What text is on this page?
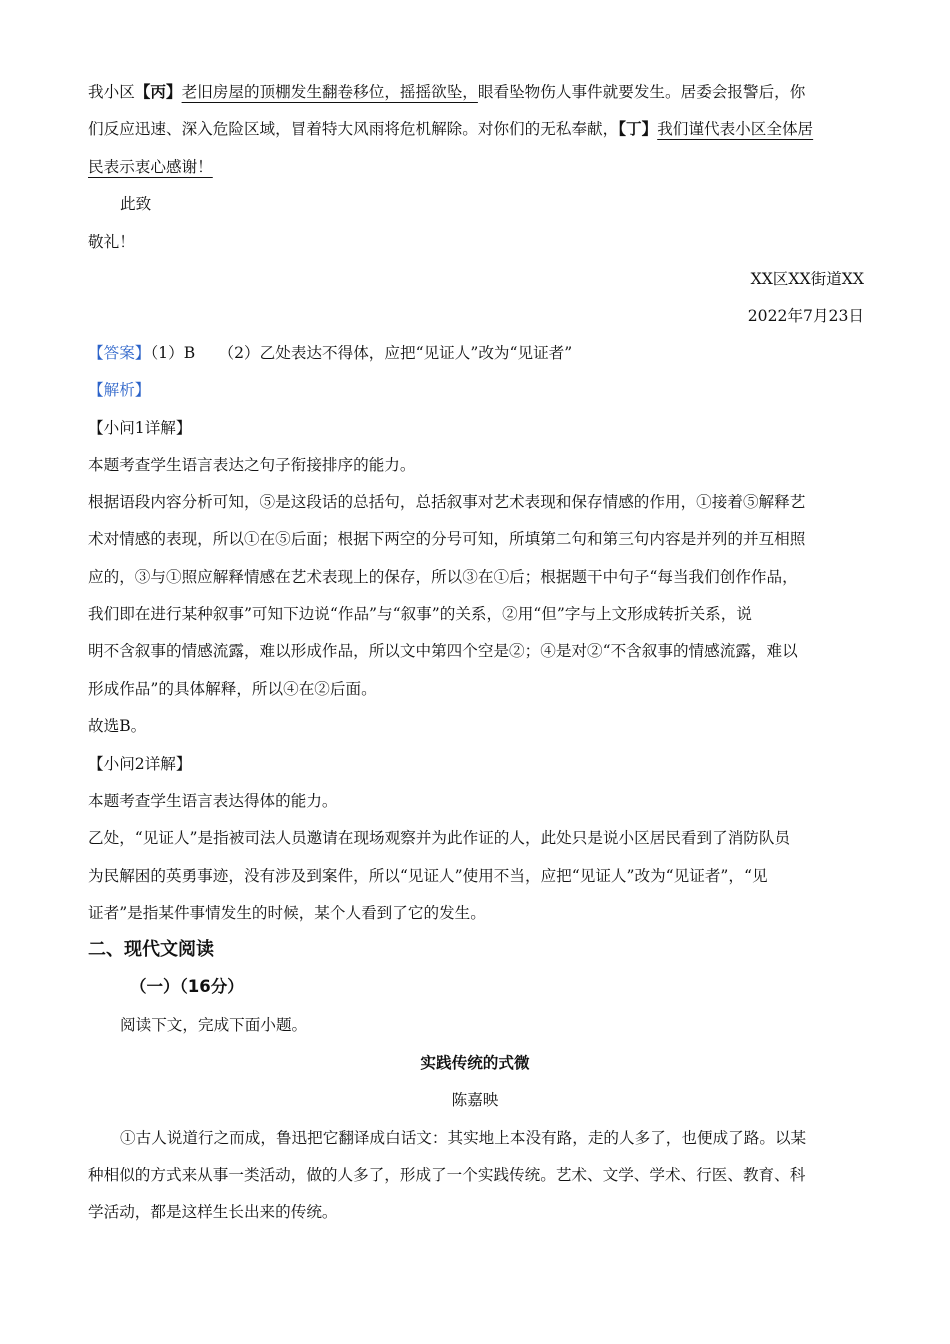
我小区【丙】老旧房屋的顶棚发生翻卷移位，摇摇欲坠，眼看坠物伤人事件就要发生。居委会报警后，你
们反应迅速、深入危险区域，冒着特大风雨将危机解除。对你们的无私奉献，【丁】我们谨代表小区全体居
民表示衷心感谢！
此致
敬礼！
XX区XX街道XX
2022年7月23日
【答案】（1）B　　（2）乙处表达不得体，应把“见证人”改为“见证者”
【解析】
【小问1详解】
本题考查学生语言表达之句子衔接排序的能力。
根据语段内容分析可知，⑤是这段话的总括句，总括叙事对艺术表现和保存情感的作用，①接着⑤解释艺
术对情感的表现，所以①在⑤后面；根据下两空的分号可知，所填第二句和第三句内容是并列的并互相照
应的，③与①照应解释情感在艺术表现上的保存，所以③在①后；根据题干中句子“每当我们创作作品，
我们即在进行某种叙事”可知下边说“作品”与“叙事”的关系，②用“但”字与上文形成转折关系，说
明不含叙事的情感流露，难以形成作品，所以文中第四个空是②；④是对②“不含叙事的情感流露，难以
形成作品”的具体解释，所以④在②后面。
故选B。
【小问2详解】
本题考查学生语言表达得体的能力。
乙处，“见证人”是指被司法人员邀请在现场观察并为此作证的人，此处只是说小区居民看到了消防队员
为民解困的英勇事迹，没有涉及到案件，所以“见证人”使用不当，应把“见证人”改为“见证者”，“见
证者”是指某件事情发生的时候，某个人看到了它的发生。
二、现代文阅读
（一）（16分）
阅读下文，完成下面小题。
实践传统的式微
陈嘉映
①古人说道行之而成，鲁迅把它翻译成白话文：其实地上本没有路，走的人多了，也便成了路。以某
种相似的方式来从事一类活动，做的人多了，形成了一个实践传统。艺术、文学、学术、行医、教育、科
学活动，都是这样生长出来的传统。
